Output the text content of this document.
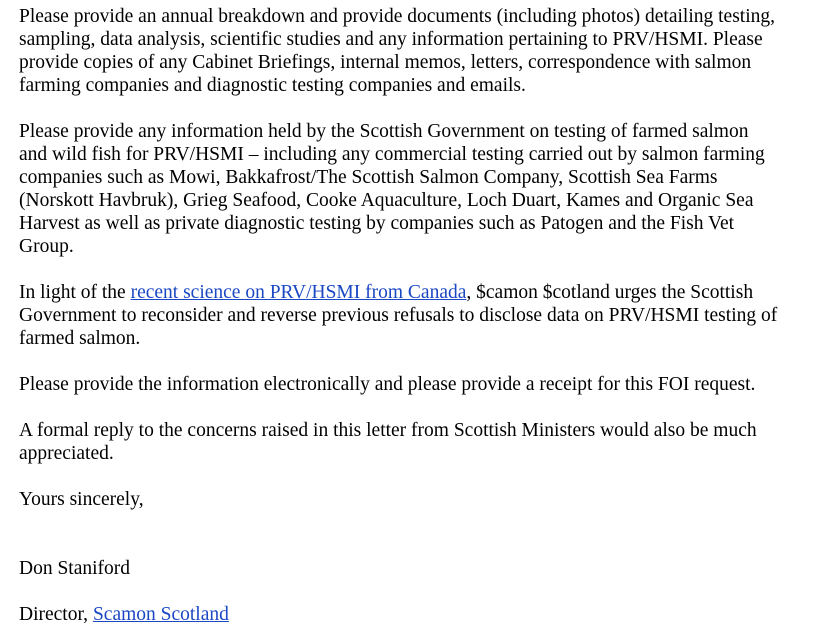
Please provide an annual breakdown and provide documents (including photos) detailing testing,
sampling, data analysis, scientific studies and any information pertaining to PRV/HSMI. Please
provide copies of any Cabinet Briefings, internal memos, letters, correspondence with salmon
farming companies and diagnostic testing companies and emails.

Please provide any information held by the Scottish Government on testing of farmed salmon
and wild fish for PRV/HSMI – including any commercial testing carried out by salmon farming
companies such as Mowi, Bakkafrost/The Scottish Salmon Company, Scottish Sea Farms
(Norskott Havbruk), Grieg Seafood, Cooke Aquaculture, Loch Duart, Kames and Organic Sea
Harvest as well as private diagnostic testing by companies such as Patogen and the Fish Vet
Group.

In light of the recent science on PRV/HSMI from Canada, $camon $cotland urges the Scottish
Government to reconsider and reverse previous refusals to disclose data on PRV/HSMI testing of
farmed salmon.

Please provide the information electronically and please provide a receipt for this FOI request.

A formal reply to the concerns raised in this letter from Scottish Ministers would also be much
appreciated.

Yours sincerely,

Don Staniford

Director, Scamon Scotland
